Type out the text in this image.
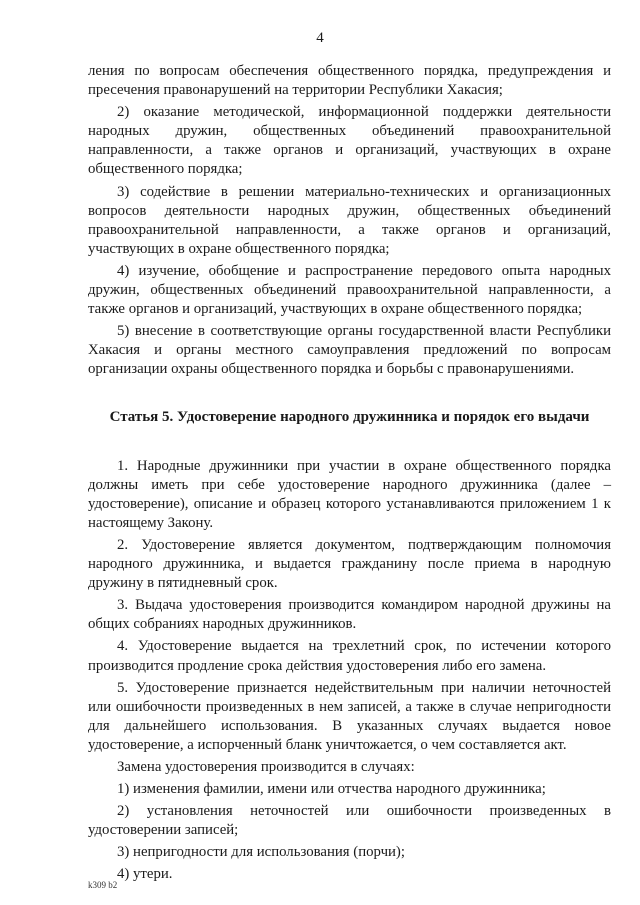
4

ления по вопросам обеспечения общественного порядка, предупреждения и пресечения правонарушений на территории Республики Хакасия;

2) оказание методической, информационной поддержки деятельности народных дружин, общественных объединений правоохранительной направленности, а также органов и организаций, участвующих в охране общественного порядка;

3) содействие в решении материально-технических и организационных вопросов деятельности народных дружин, общественных объединений правоохранительной направленности, а также органов и организаций, участвующих в охране общественного порядка;

4) изучение, обобщение и распространение передового опыта народных дружин, общественных объединений правоохранительной направленности, а также органов и организаций, участвующих в охране общественного порядка;

5) внесение в соответствующие органы государственной власти Республики Хакасия и органы местного самоуправления предложений по вопросам организации охраны общественного порядка и борьбы с правонарушениями.

Статья 5. Удостоверение народного дружинника и порядок его выдачи

1. Народные дружинники при участии в охране общественного порядка должны иметь при себе удостоверение народного дружинника (далее – удостоверение), описание и образец которого устанавливаются приложением 1 к настоящему Закону.

2. Удостоверение является документом, подтверждающим полномочия народного дружинника, и выдается гражданину после приема в народную дружину в пятидневный срок.

3. Выдача удостоверения производится командиром народной дружины на общих собраниях народных дружинников.

4. Удостоверение выдается на трехлетний срок, по истечении которого производится продление срока действия удостоверения либо его замена.

5. Удостоверение признается недействительным при наличии неточностей или ошибочности произведенных в нем записей, а также в случае непригодности для дальнейшего использования. В указанных случаях выдается новое удостоверение, а испорченный бланк уничтожается, о чем составляется акт.

Замена удостоверения производится в случаях:

1) изменения фамилии, имени или отчества народного дружинника;

2) установления неточностей или ошибочности произведенных в удостоверении записей;

3) непригодности для использования (порчи);

4) утери.

k309 b2
